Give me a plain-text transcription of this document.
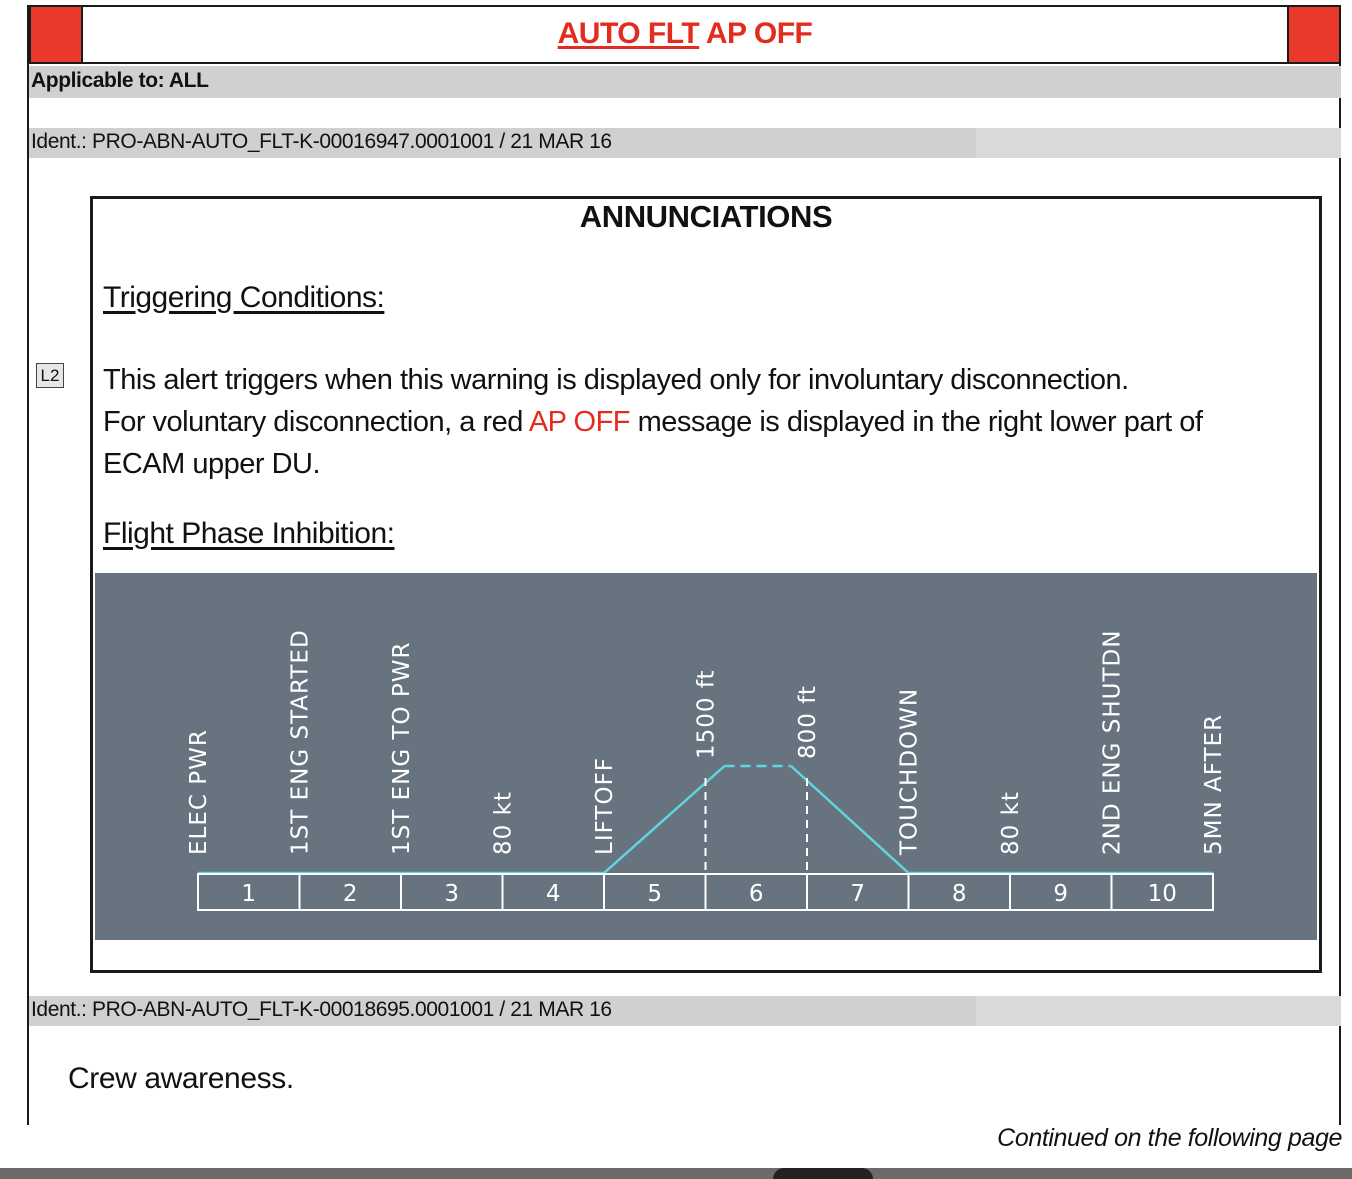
AUTO FLT AP OFF
Applicable to: ALL
Ident.: PRO-ABN-AUTO_FLT-K-00016947.0001001 / 21 MAR 16
L2
ANNUNCIATIONS
Triggering Conditions:
This alert triggers when this warning is displayed only for involuntary disconnection.
For voluntary disconnection, a red AP OFF message is displayed in the right lower part of
ECAM upper DU.
Flight Phase Inhibition:
1	2	3	4	5	6	7	8	9	10
ELEC PWR	1ST ENG STARTED	1ST ENG TO PWR	80 kt	LIFTOFF
1500 ft	800 ft	TOUCHDOWN	80 kt	2ND ENG SHUTDN	5MN AFTER
Ident.: PRO-ABN-AUTO_FLT-K-00018695.0001001 / 21 MAR 16
Crew awareness.
Continued on the following page
